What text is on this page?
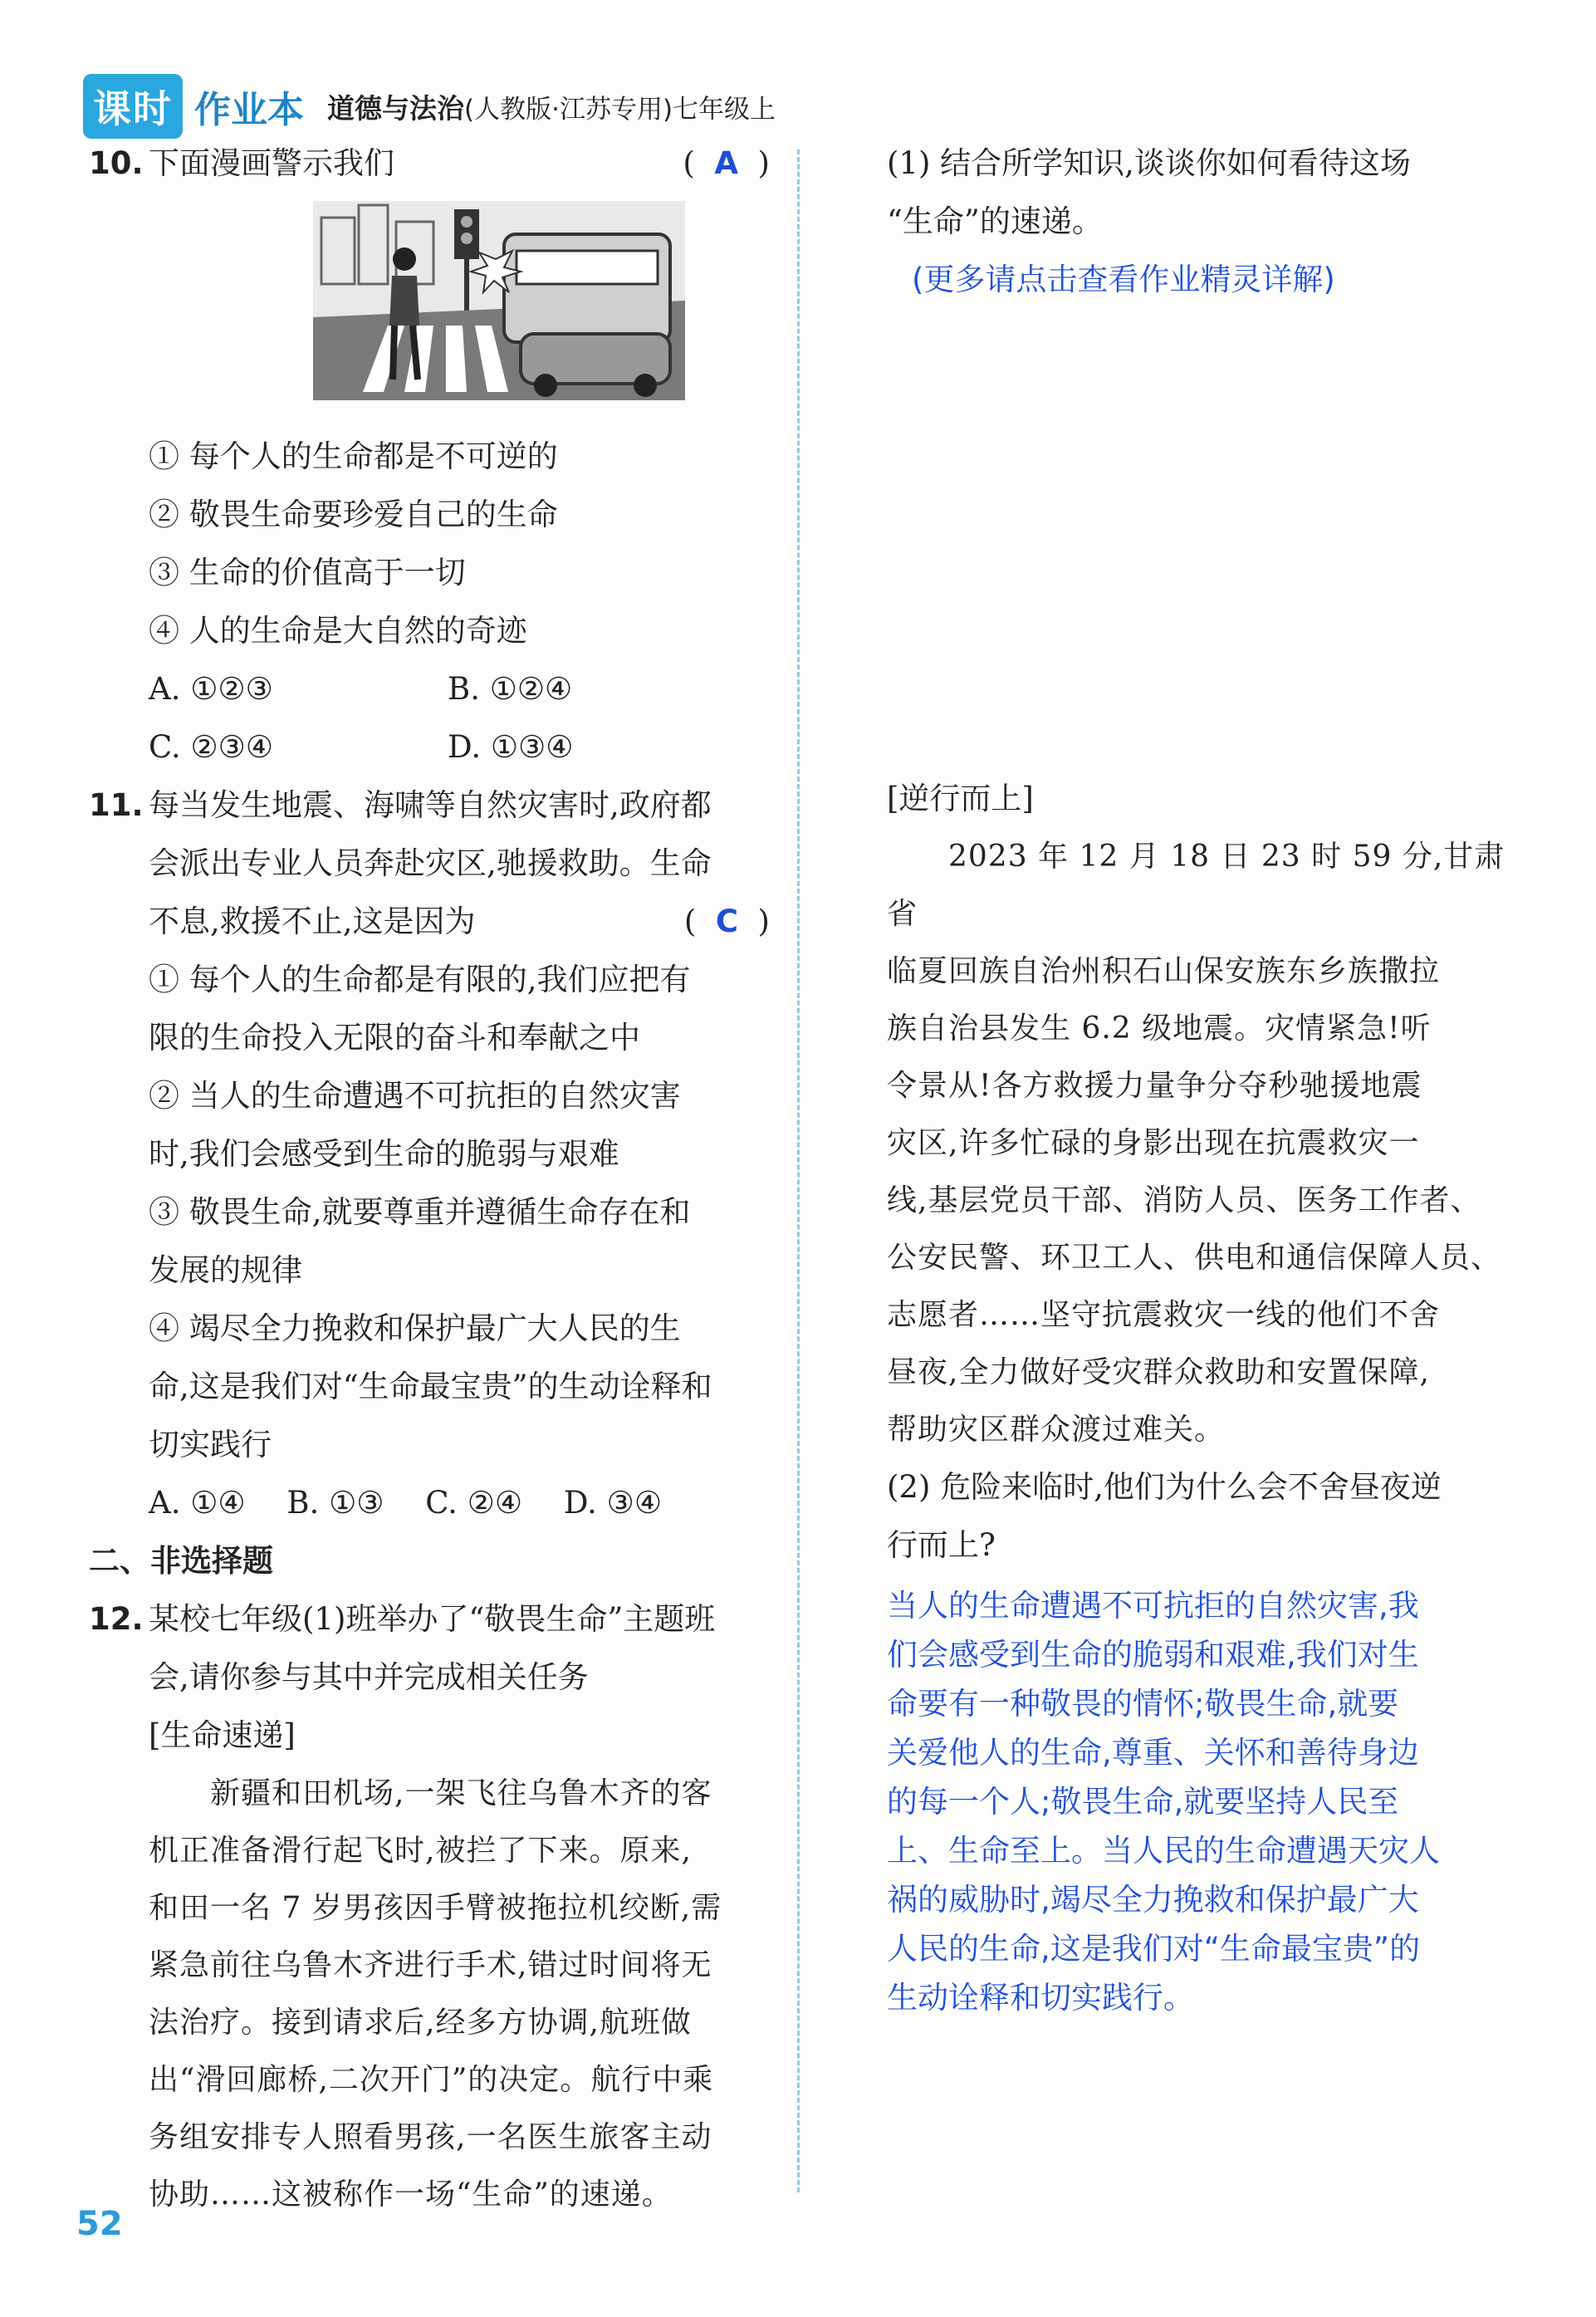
课时 作业本 道德与法治 (人教版·江苏专用)七年级上
10. 下面漫画警示我们	(  A  )
① 每个人的生命都是不可逆的
② 敬畏生命要珍爱自己的生命
③ 生命的价值高于一切
④ 人的生命是大自然的奇迹
A. ①②③	B. ①②④
C. ②③④	D. ①③④
11. 每当发生地震、海啸等自然灾害时,政府都
会派出专业人员奔赴灾区,驰援救助。生命
不息,救援不止,这是因为	(  C  )
① 每个人的生命都是有限的,我们应把有
限的生命投入无限的奋斗和奉献之中
② 当人的生命遭遇不可抗拒的自然灾害
时,我们会感受到生命的脆弱与艰难
③ 敬畏生命,就要尊重并遵循生命存在和
发展的规律
④ 竭尽全力挽救和保护最广大人民的生
命,这是我们对“生命最宝贵”的生动诠释和
切实践行
A. ①④ B. ①③ C. ②④ D. ③④
二、非选择题
12. 某校七年级(1)班举办了“敬畏生命”主题班
会,请你参与其中并完成相关任务
[生命速递]
新疆和田机场,一架飞往乌鲁木齐的客
机正准备滑行起飞时,被拦了下来。原来,
和田一名 7 岁男孩因手臂被拖拉机绞断,需
紧急前往乌鲁木齐进行手术,错过时间将无
法治疗。接到请求后,经多方协调,航班做
出“滑回廊桥,二次开门”的决定。航行中乘
务组安排专人照看男孩,一名医生旅客主动
协助……这被称作一场“生命”的速递。
(1) 结合所学知识,谈谈你如何看待这场
“生命”的速递。
(更多请点击查看作业精灵详解)
[逆行而上]
2023 年 12 月 18 日 23 时 59 分,甘肃省
临夏回族自治州积石山保安族东乡族撒拉
族自治县发生 6.2 级地震。灾情紧急!听
令景从!各方救援力量争分夺秒驰援地震
灾区,许多忙碌的身影出现在抗震救灾一
线,基层党员干部、消防人员、医务工作者、
公安民警、环卫工人、供电和通信保障人员、
志愿者……坚守抗震救灾一线的他们不舍
昼夜,全力做好受灾群众救助和安置保障,
帮助灾区群众渡过难关。
(2) 危险来临时,他们为什么会不舍昼夜逆
行而上?
当人的生命遭遇不可抗拒的自然灾害,我
们会感受到生命的脆弱和艰难,我们对生
命要有一种敬畏的情怀;敬畏生命,就要
关爱他人的生命,尊重、关怀和善待身边
的每一个人;敬畏生命,就要坚持人民至
上、生命至上。当人民的生命遭遇天灾人
祸的威胁时,竭尽全力挽救和保护最广大
人民的生命,这是我们对“生命最宝贵”的
生动诠释和切实践行。
52
